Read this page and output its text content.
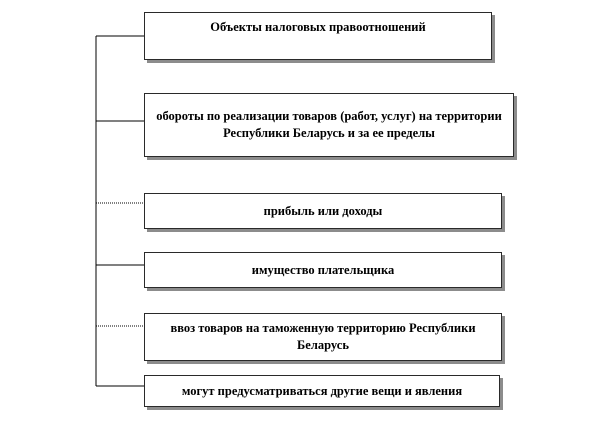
Объекты налоговых правоотношений
обороты по реализации товаров (работ, услуг) на территории Республики Беларусь и за ее пределы
прибыль или доходы
имущество плательщика
ввоз товаров на таможенную территорию Республики Беларусь
могут предусматриваться другие вещи и явления
